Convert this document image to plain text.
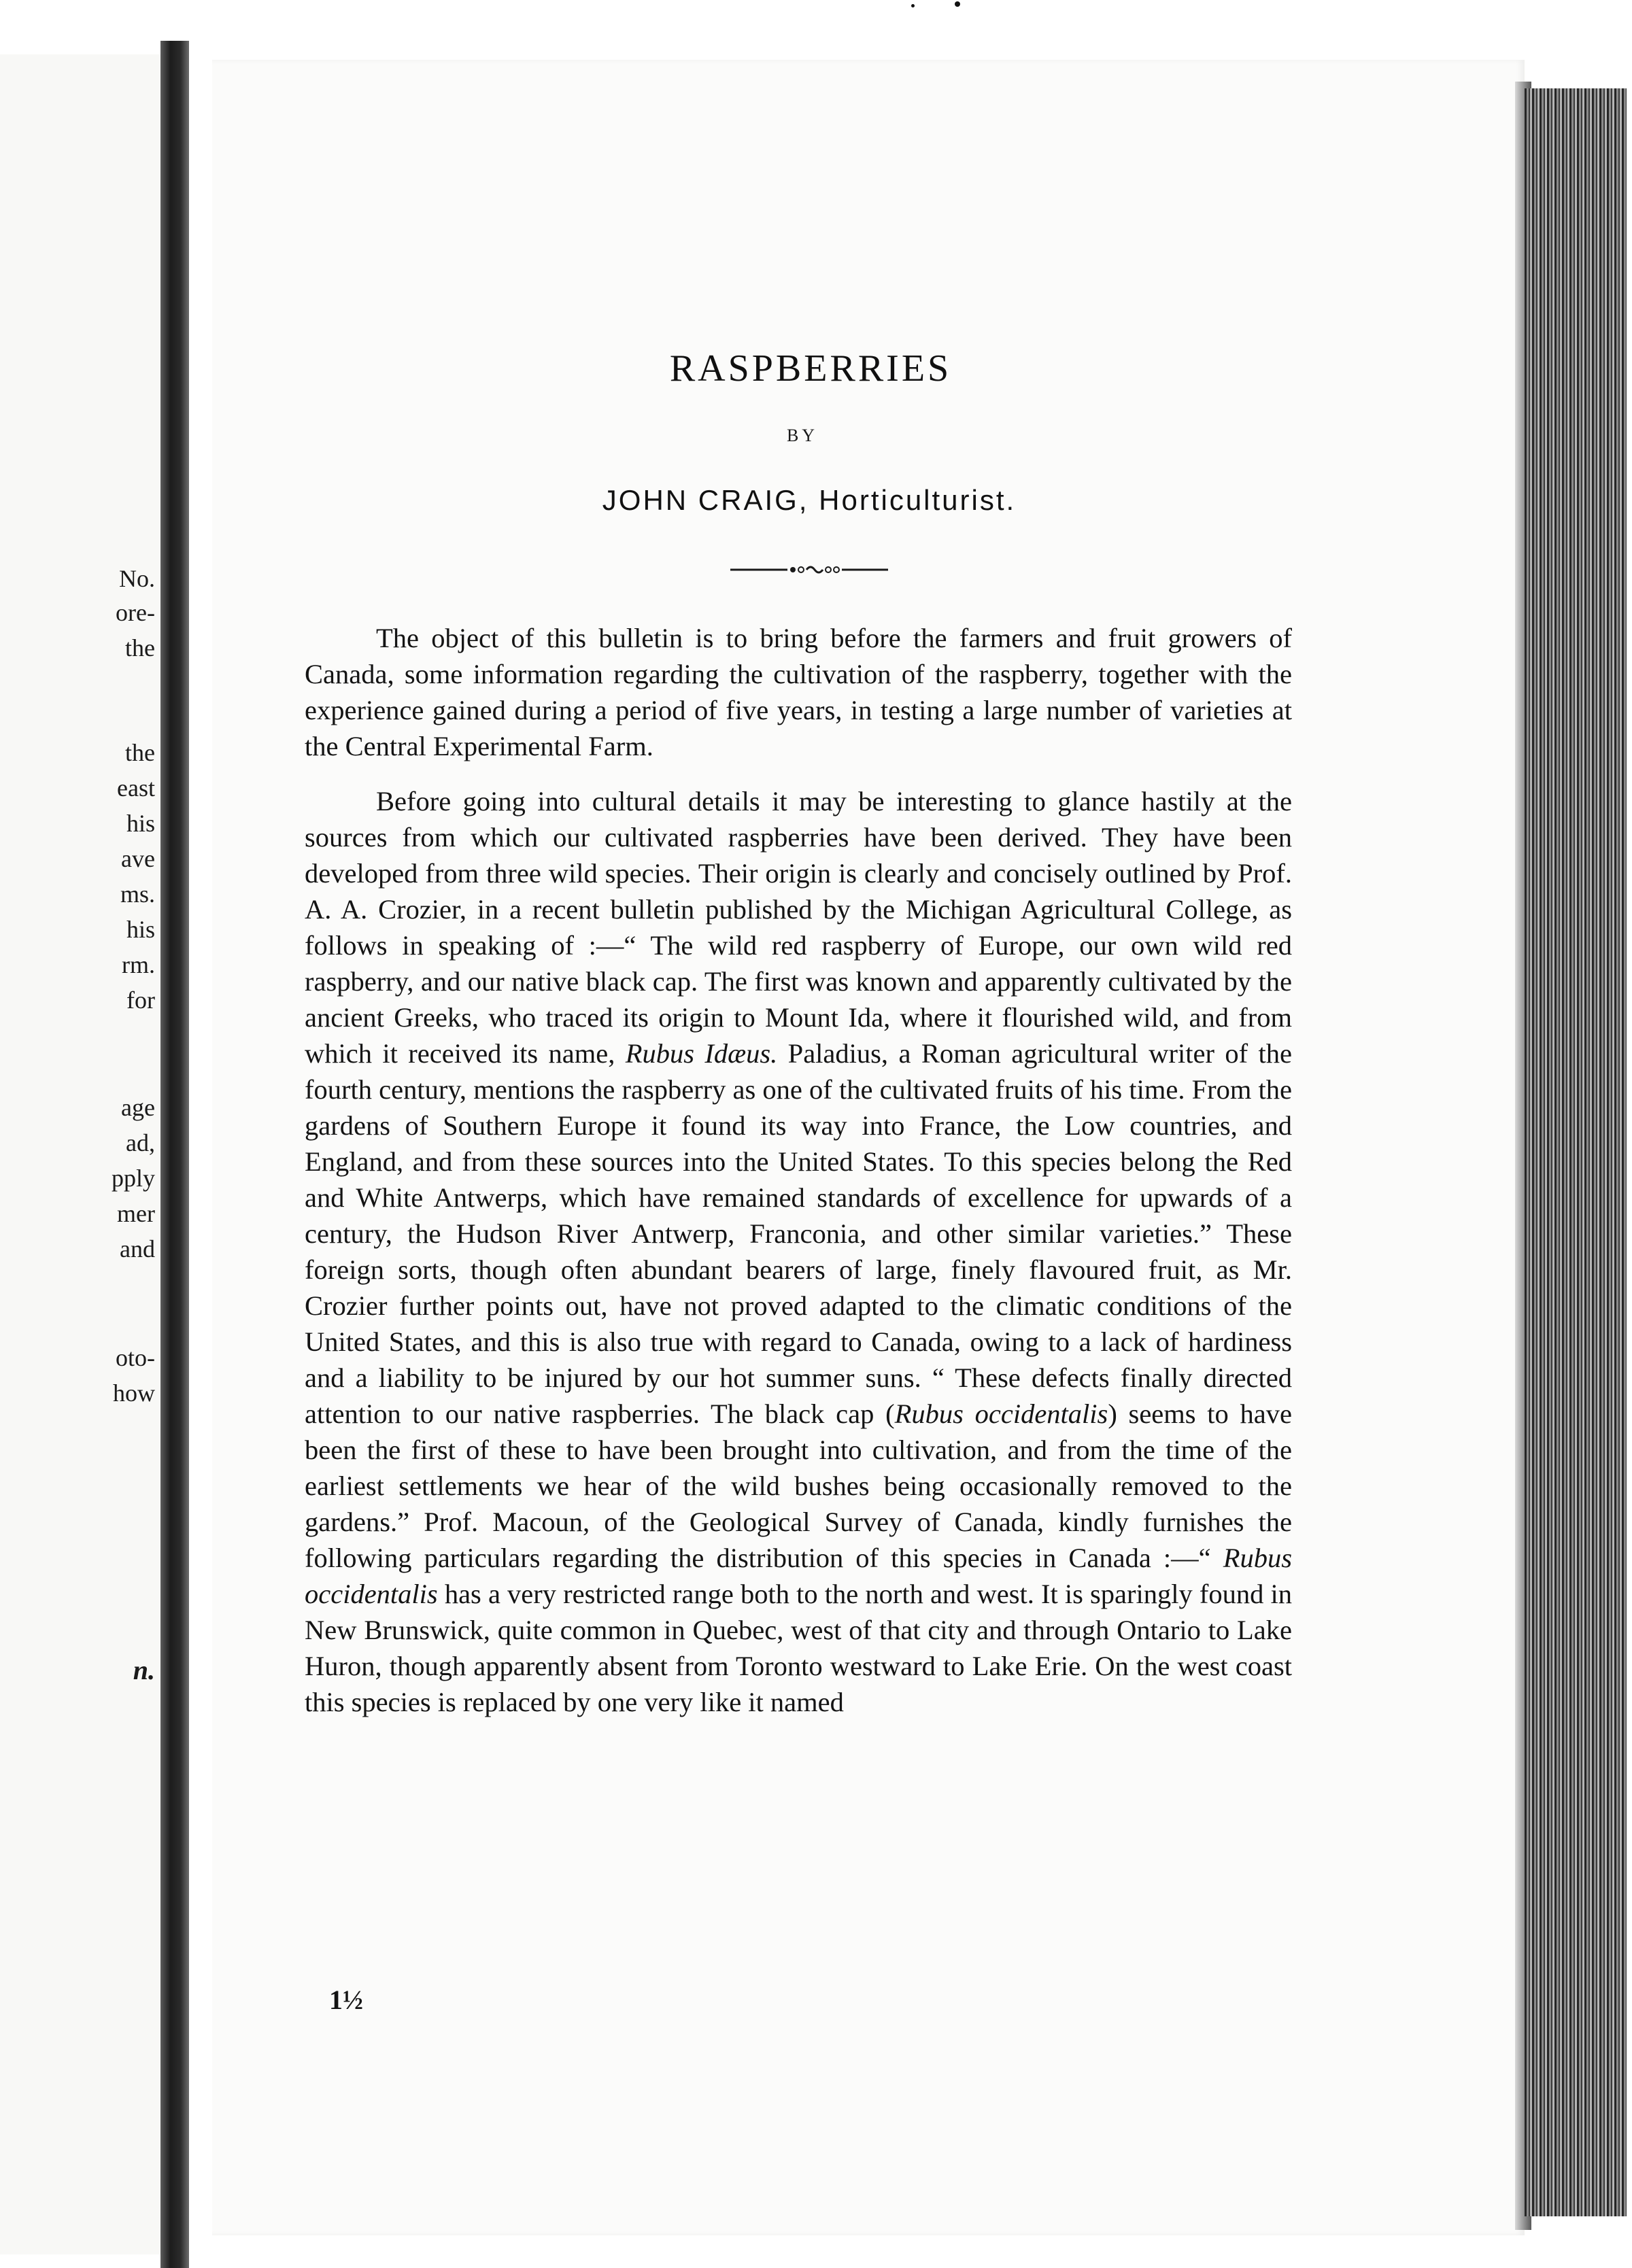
No.
ore-
the
the
east
his
ave
ms.
his
rm.
for
age
ad,
pply
mer
and
oto-
how
n.
RASPBERRIES
BY
JOHN CRAIG, Horticulturist.

The object of this bulletin is to bring before the farmers and fruit growers of Canada, some information regarding the cultivation of the raspberry, together with the experience gained during a period of five years, in testing a large number of varieties at the Central Experimental Farm.

Before going into cultural details it may be interesting to glance hastily at the sources from which our cultivated raspberries have been derived. They have been developed from three wild species. Their origin is clearly and concisely outlined by Prof. A. A. Crozier, in a recent bulletin published by the Michigan Agricultural College, as follows in speaking of :—“ The wild red raspberry of Europe, our own wild red raspberry, and our native black cap. The first was known and apparently cultivated by the ancient Greeks, who traced its origin to Mount Ida, where it flourished wild, and from which it received its name, Rubus Idæus. Paladius, a Roman agricultural writer of the fourth century, mentions the raspberry as one of the cultivated fruits of his time. From the gardens of Southern Europe it found its way into France, the Low countries, and England, and from these sources into the United States. To this species belong the Red and White Antwerps, which have remained standards of excellence for upwards of a century, the Hudson River Antwerp, Franconia, and other similar varieties.” These foreign sorts, though often abundant bearers of large, finely flavoured fruit, as Mr. Crozier further points out, have not proved adapted to the climatic conditions of the United States, and this is also true with regard to Canada, owing to a lack of hardiness and a liability to be injured by our hot summer suns. “ These defects finally directed attention to our native raspberries. The black cap (Rubus occidentalis) seems to have been the first of these to have been brought into cultivation, and from the time of the earliest settlements we hear of the wild bushes being occasionally removed to the gardens.” Prof. Macoun, of the Geological Survey of Canada, kindly furnishes the following particulars regarding the distribution of this species in Canada :—“ Rubus occidentalis has a very restricted range both to the north and west. It is sparingly found in New Brunswick, quite common in Quebec, west of that city and through Ontario to Lake Huron, though apparently absent from Toronto westward to Lake Erie. On the west coast this species is replaced by one very like it named

1½
